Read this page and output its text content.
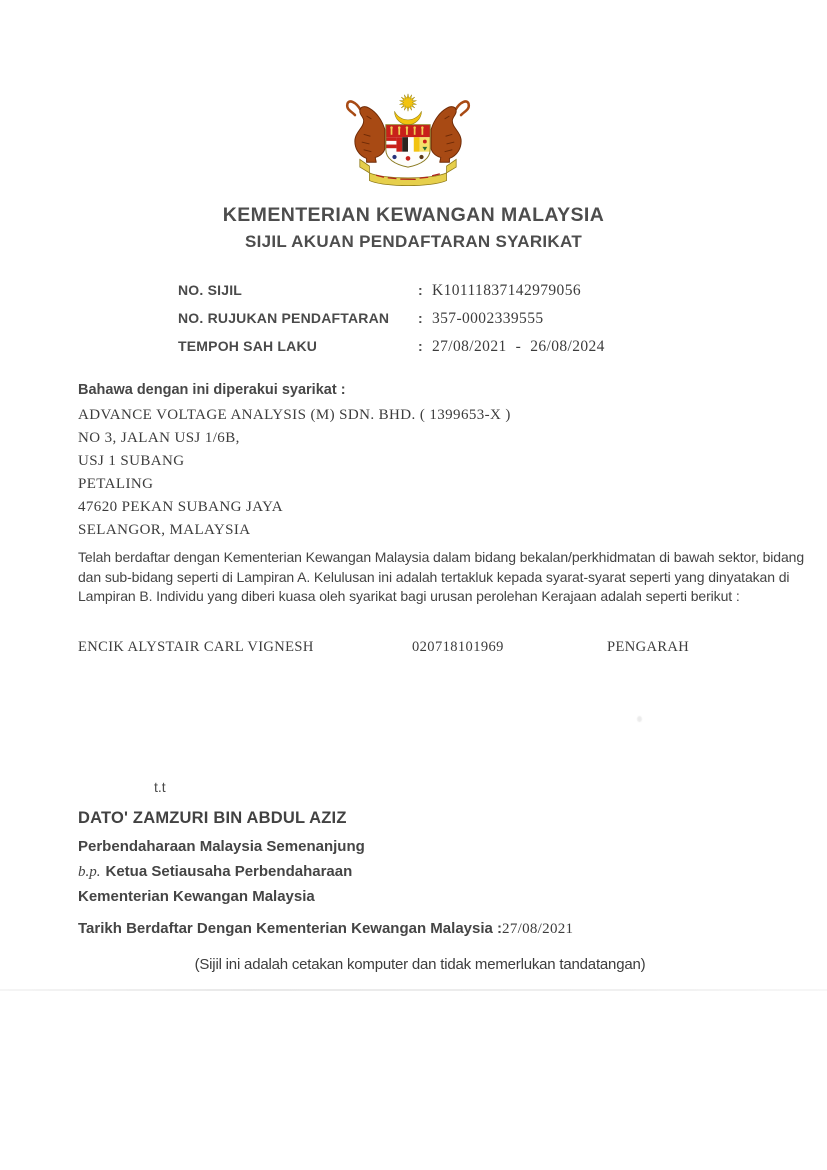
KEMENTERIAN KEWANGAN MALAYSIA
SIJIL AKUAN PENDAFTARAN SYARIKAT
NO. SIJIL	: K10111837142979056
NO. RUJUKAN PENDAFTARAN : 357-0002339555
TEMPOH SAH LAKU	: 27/08/2021 - 26/08/2024
Bahawa dengan ini diperakui syarikat :
ADVANCE VOLTAGE ANALYSIS (M) SDN. BHD. ( 1399653-X )
NO 3, JALAN USJ 1/6B,
USJ 1 SUBANG
PETALING
47620 PEKAN SUBANG JAYA
SELANGOR, MALAYSIA
Telah berdaftar dengan Kementerian Kewangan Malaysia dalam bidang bekalan/perkhidmatan di bawah sektor, bidang dan sub-bidang seperti di Lampiran A. Kelulusan ini adalah tertakluk kepada syarat-syarat seperti yang dinyatakan di Lampiran B. Individu yang diberi kuasa oleh syarikat bagi urusan perolehan Kerajaan adalah seperti berikut :
ENCIK ALYSTAIR CARL VIGNESH	020718101969	PENGARAH
t.t
DATO' ZAMZURI BIN ABDUL AZIZ
Perbendaharaan Malaysia Semenanjung
b.p. Ketua Setiausaha Perbendaharaan
Kementerian Kewangan Malaysia
Tarikh Berdaftar Dengan Kementerian Kewangan Malaysia :27/08/2021
(Sijil ini adalah cetakan komputer dan tidak memerlukan tandatangan)
